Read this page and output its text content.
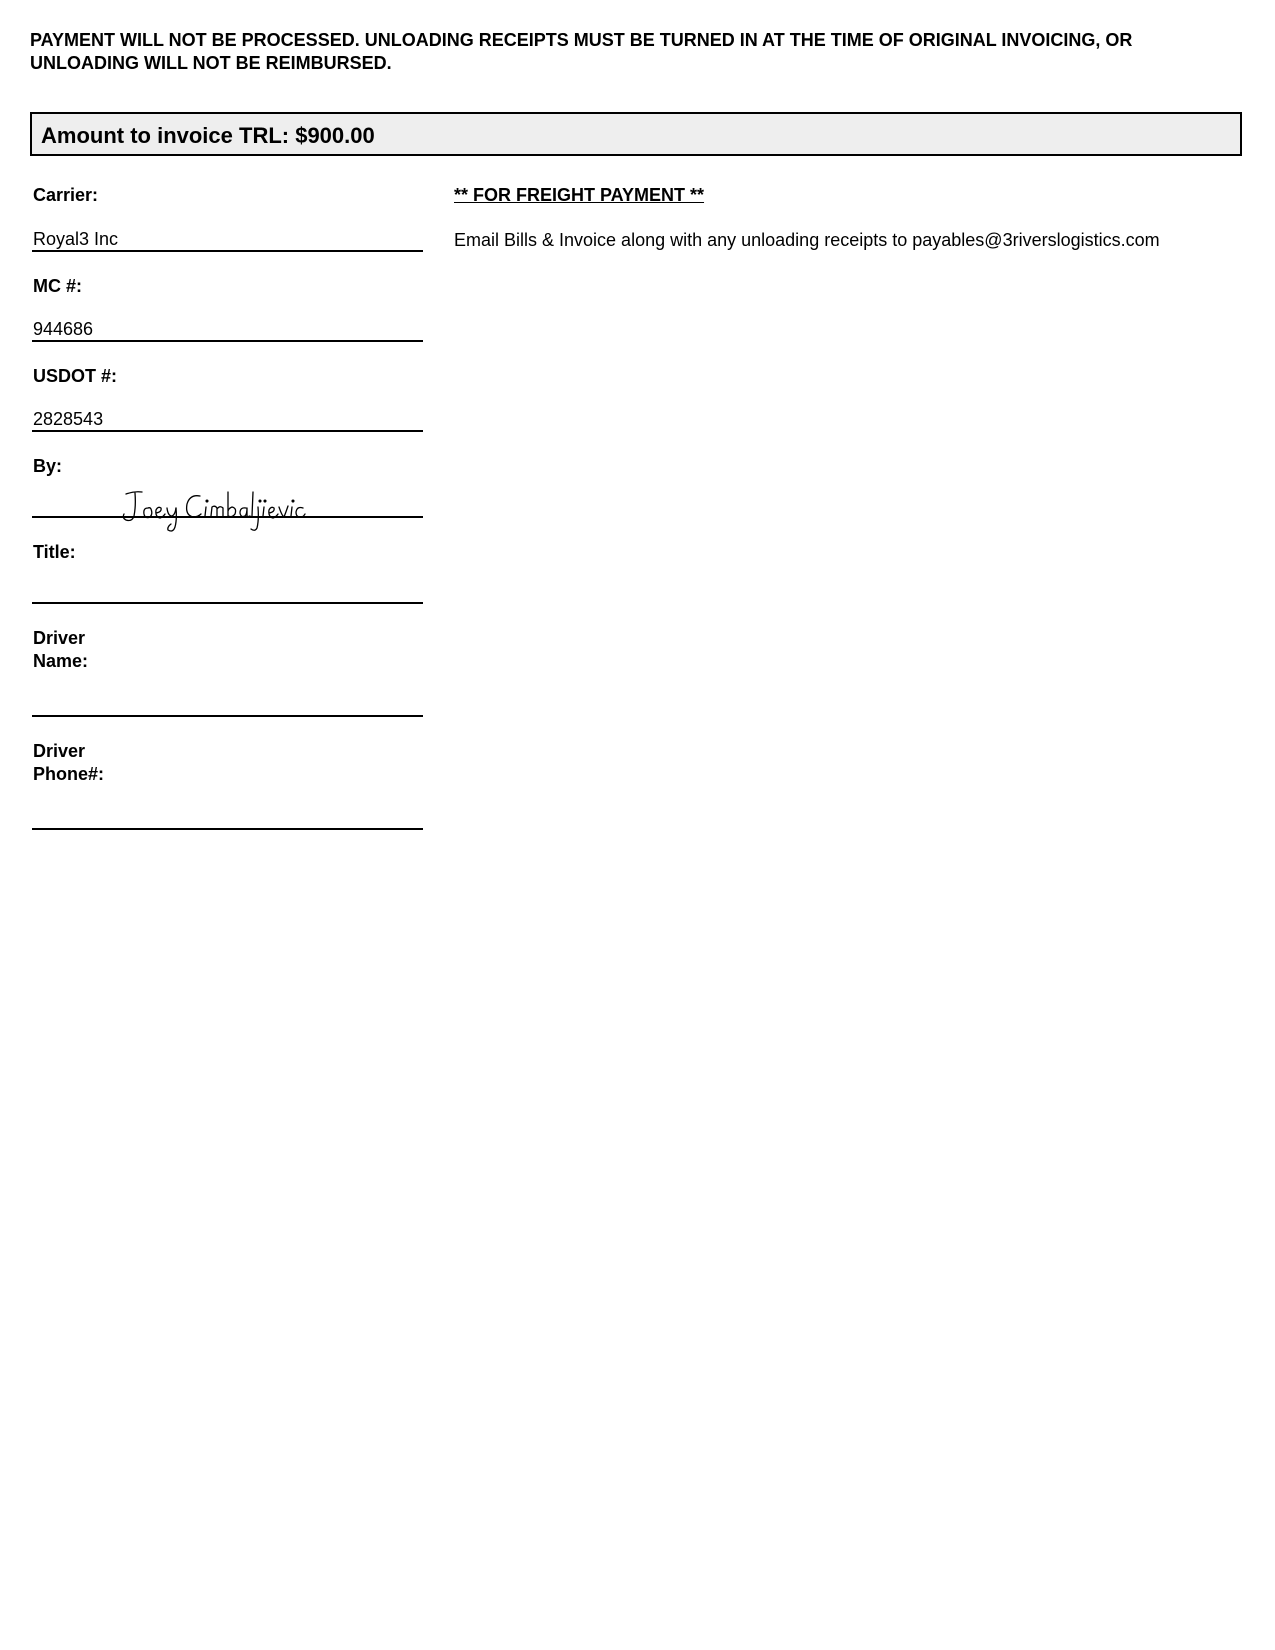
PAYMENT WILL NOT BE PROCESSED. UNLOADING RECEIPTS MUST BE TURNED IN AT THE TIME OF ORIGINAL INVOICING, OR UNLOADING WILL NOT BE REIMBURSED.

Amount to invoice TRL: $900.00
Carrier:
Royal3 Inc
MC #:
944686
USDOT #:
2828543
By:
Title:
Driver
Name:
Driver
Phone#:
** FOR FREIGHT PAYMENT **
Email Bills & Invoice along with any unloading receipts to payables@3riverslogistics.com
